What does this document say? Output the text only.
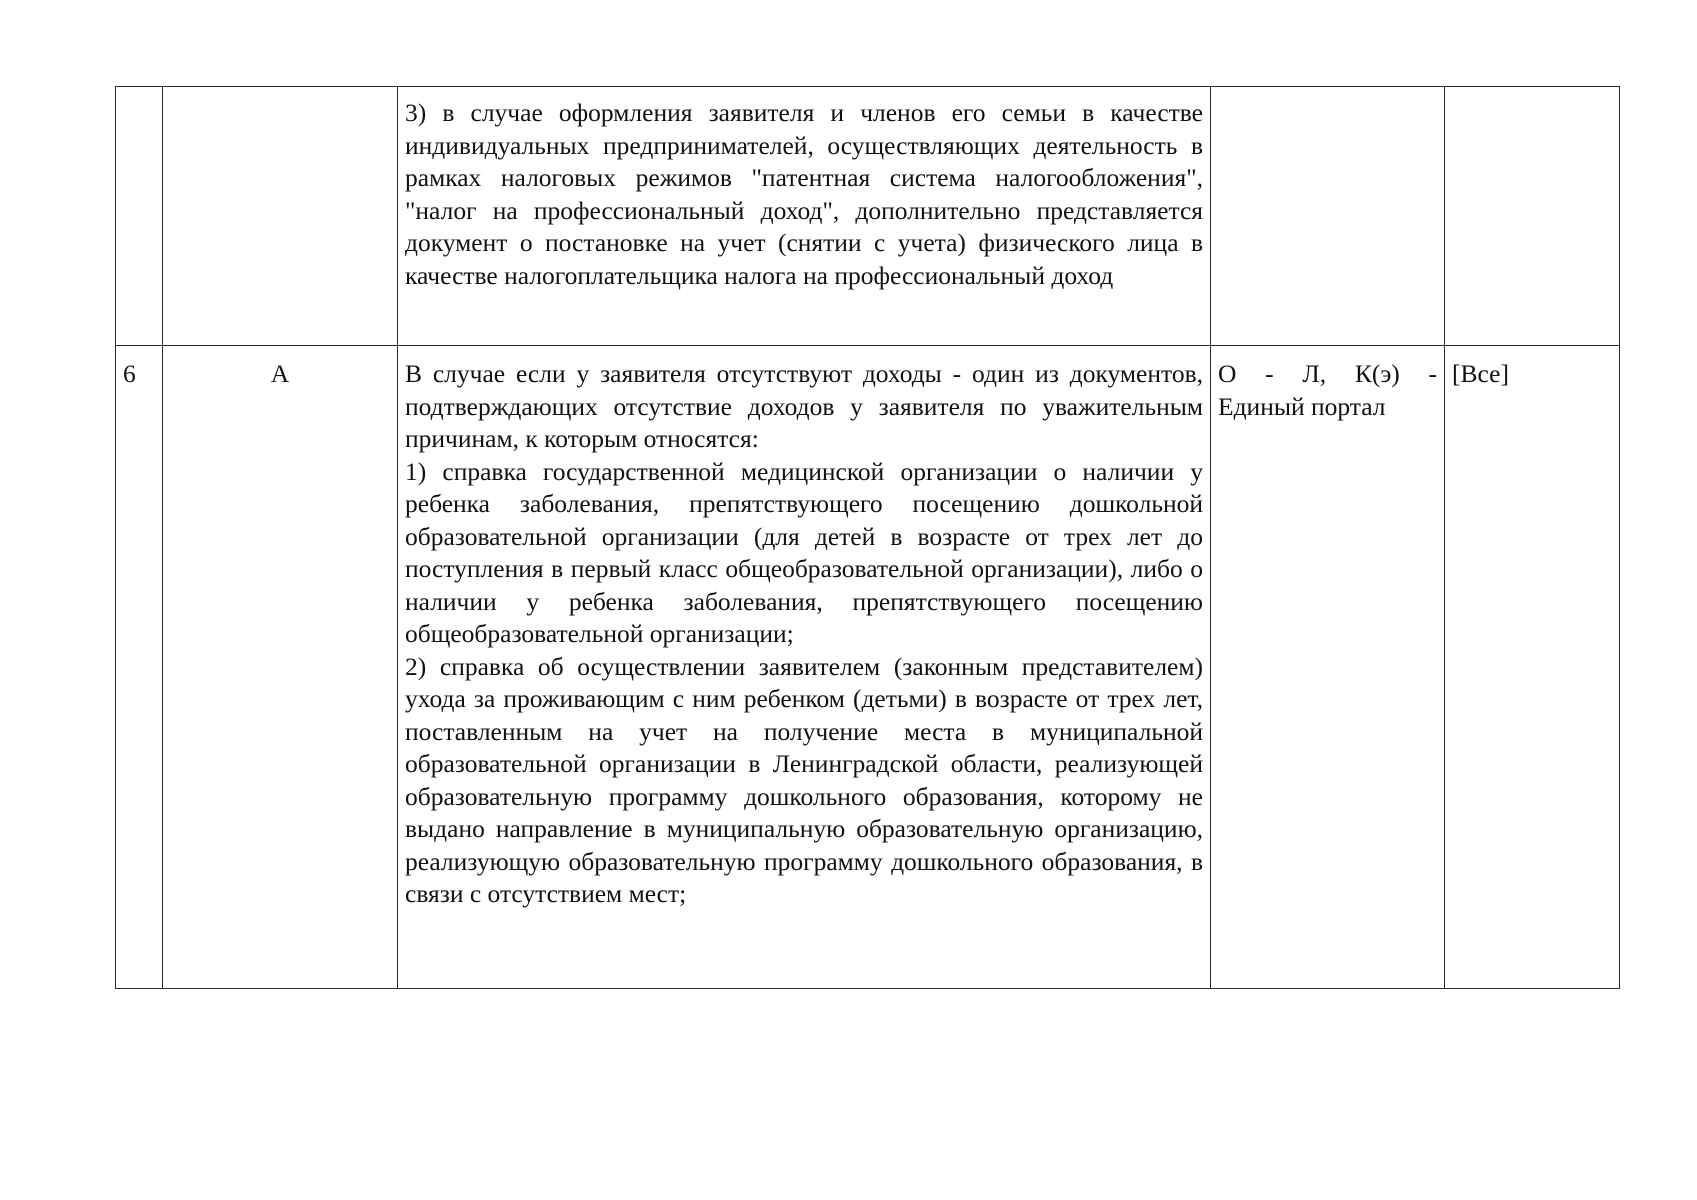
		3) в случае оформления заявителя и членов его семьи в качестве индивидуальных предпринимателей, осуществляющих деятельность в рамках налоговых режимов "патентная система налогообложения", "налог на профессиональный доход", дополнительно представляется документ о постановке на учет (снятии с учета) физического лица в качестве налогоплательщика налога на профессиональный доход		

6	А	В случае если у заявителя отсутствуют доходы - один из документов, подтверждающих отсутствие доходов у заявителя по уважительным причинам, к которым относятся:
1) справка государственной медицинской организации о наличии у ребенка заболевания, препятствующего посещению дошкольной образовательной организации (для детей в возрасте от трех лет до поступления в первый класс общеобразовательной организации), либо о наличии у ребенка заболевания, препятствующего посещению общеобразовательной организации;
2) справка об осуществлении заявителем (законным представителем) ухода за проживающим с ним ребенком (детьми) в возрасте от трех лет, поставленным на учет на получение места в муниципальной образовательной организации в Ленинградской области, реализующей образовательную программу дошкольного образования, которому не выдано направление в муниципальную образовательную организацию, реализующую образовательную программу дошкольного образования, в связи с отсутствием мест;	О - Л, К(э) - Единый портал	[Все]
